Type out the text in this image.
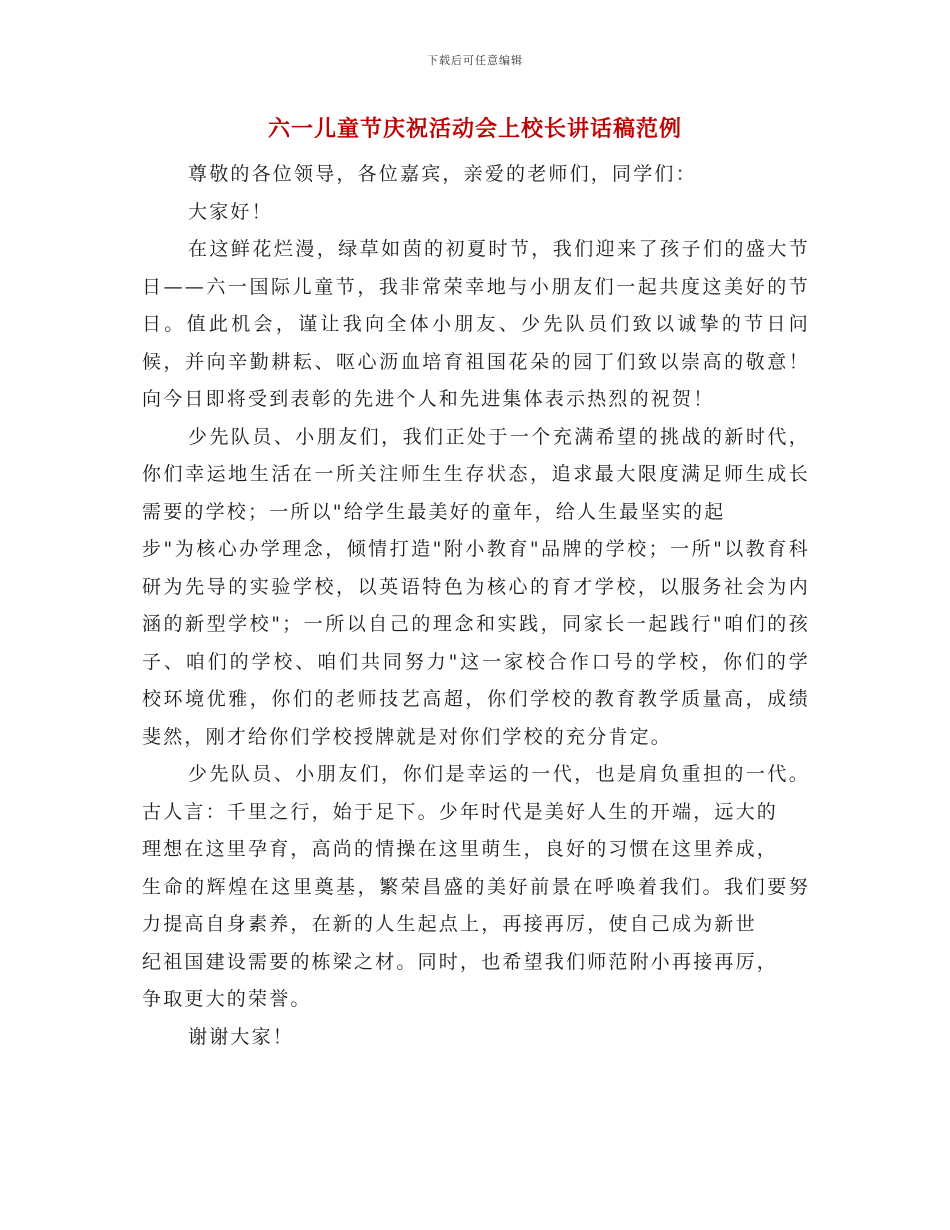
下载后可任意编辑
六一儿童节庆祝活动会上校长讲话稿范例

尊敬的各位领导，各位嘉宾，亲爱的老师们，同学们：

大家好！

在这鲜花烂漫，绿草如茵的初夏时节，我们迎来了孩子们的盛大节日——六一国际儿童节，我非常荣幸地与小朋友们一起共度这美好的节日。值此机会，谨让我向全体小朋友、少先队员们致以诚挚的节日问候，并向辛勤耕耘、呕心沥血培育祖国花朵的园丁们致以崇高的敬意！向今日即将受到表彰的先进个人和先进集体表示热烈的祝贺！

少先队员、小朋友们，我们正处于一个充满希望的挑战的新时代，你们幸运地生活在一所关注师生生存状态，追求最大限度满足师生成长需要的学校；一所以"给学生最美好的童年，给人生最坚实的起
步"为核心办学理念，倾情打造"附小教育"品牌的学校；一所"以教育科研为先导的实验学校，以英语特色为核心的育才学校，以服务社会为内涵的新型学校"；一所以自己的理念和实践，同家长一起践行"咱们的孩子、咱们的学校、咱们共同努力"这一家校合作口号的学校，你们的学校环境优雅，你们的老师技艺高超，你们学校的教育教学质量高，成绩斐然，刚才给你们学校授牌就是对你们学校的充分肯定。

少先队员、小朋友们，你们是幸运的一代，也是肩负重担的一代。古人言：千里之行，始于足下。少年时代是美好人生的开端，远大的
理想在这里孕育，高尚的情操在这里萌生，良好的习惯在这里养成，
生命的辉煌在这里奠基，繁荣昌盛的美好前景在呼唤着我们。我们要努力提高自身素养，在新的人生起点上，再接再厉，使自己成为新世
纪祖国建设需要的栋梁之材。同时，也希望我们师范附小再接再厉，
争取更大的荣誉。

谢谢大家！
